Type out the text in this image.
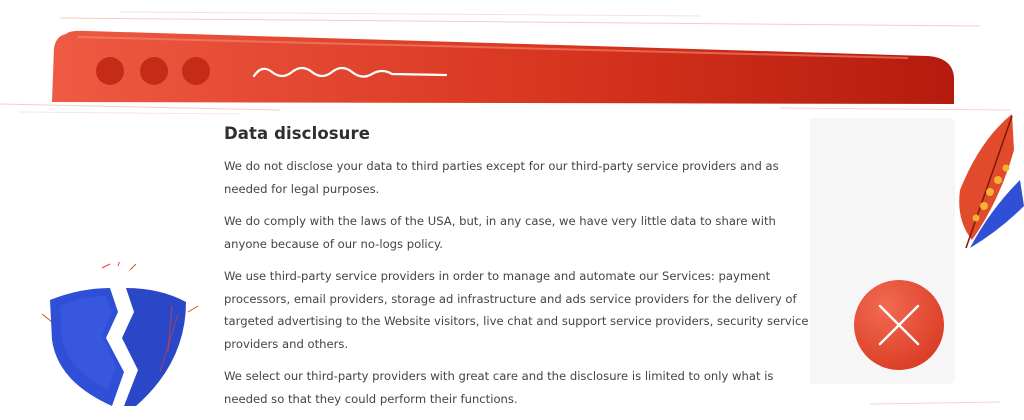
Data disclosure

We do not disclose your data to third parties except for our third-party service providers and as needed for legal purposes.

We do comply with the laws of the USA, but, in any case, we have very little data to share with anyone because of our no-logs policy.

We use third-party service providers in order to manage and automate our Services: payment processors, email providers, storage ad infrastructure and ads service providers for the delivery of targeted advertising to the Website visitors, live chat and support service providers, security service providers and others.

We select our third-party providers with great care and the disclosure is limited to only what is needed so that they could perform their functions.
